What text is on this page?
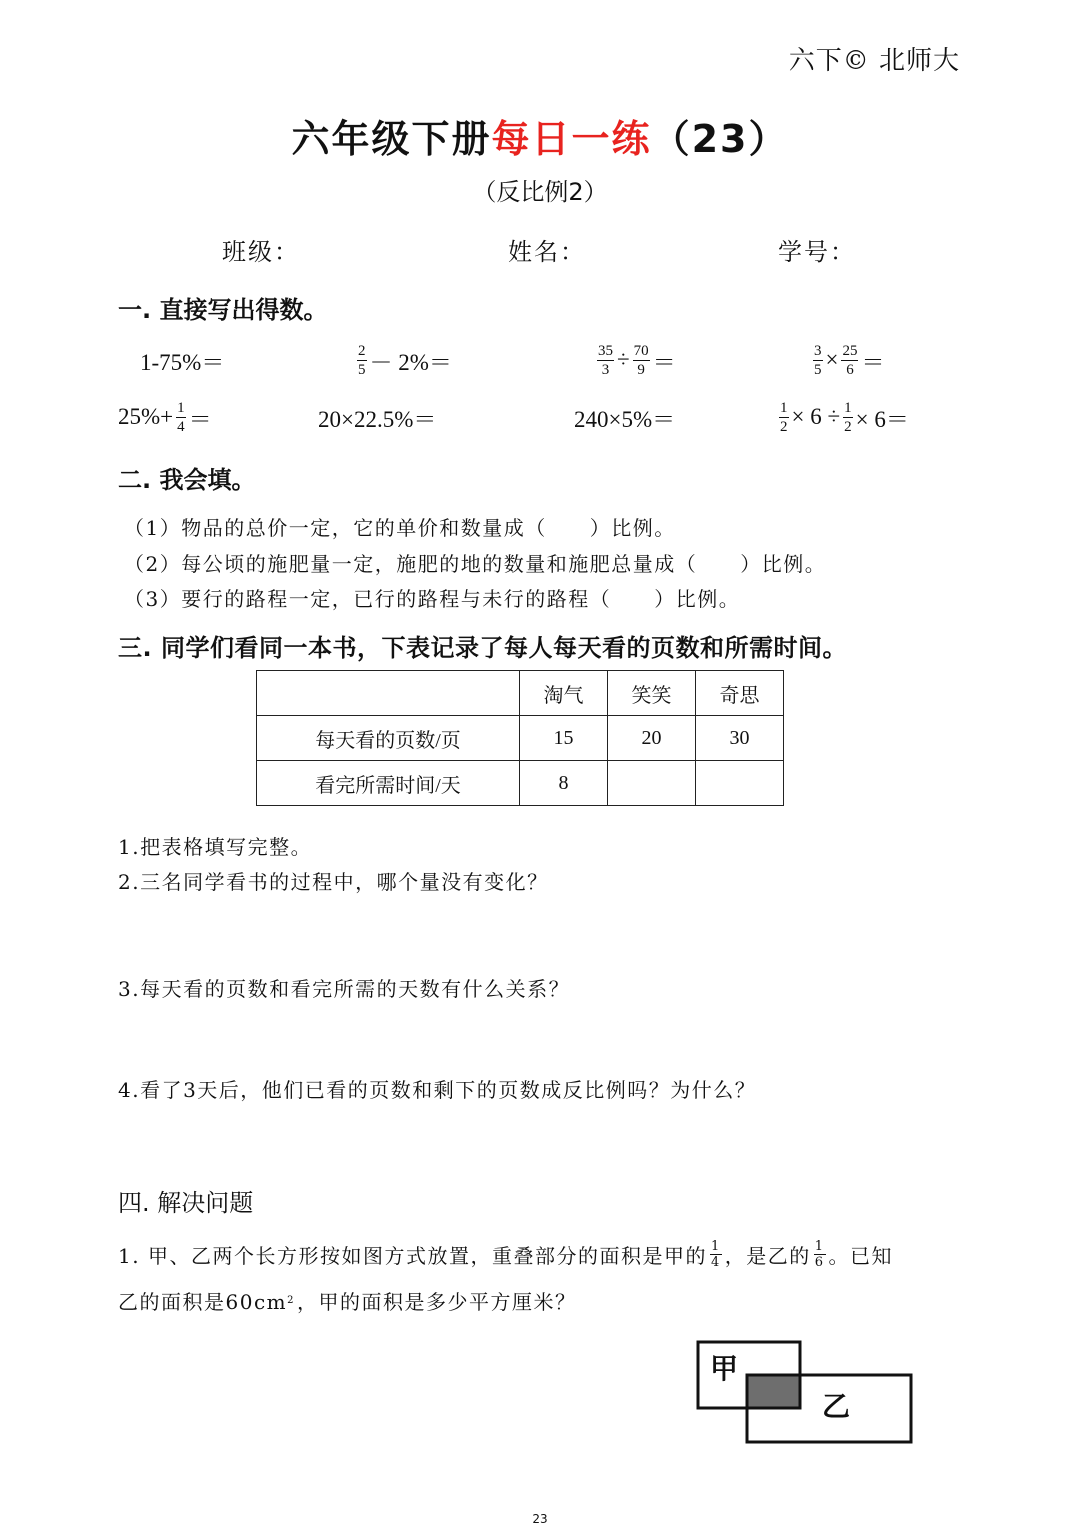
六下© 北师大
六年级下册每日一练（23）
（反比例2）
班级：	姓名：	学号：
一. 直接写出得数。
1-75%＝	$\frac{2}{5} - 2\%=$	$\frac{35}{3} \div \frac{70}{9}$ ＝	$\frac{3}{5} \times \frac{25}{6}$ ＝
$25\%+ \frac{1}{4}$ ＝	20×22.5%＝	240×5%＝	$\frac{1}{2} \times 6 \div \frac{1}{2} \times 6=$
二. 我会填。
（1）物品的总价一定，它的单价和数量成（　　）比例。
（2）每公顷的施肥量一定，施肥的地的数量和施肥总量成（　　）比例。
（3）要行的路程一定，已行的路程与未行的路程（　　）比例。
三. 同学们看同一本书，下表记录了每人每天看的页数和所需时间。
	淘气	笑笑	奇思
每天看的页数/页	15	20	30
看完所需时间/天	8		
1.把表格填写完整。
2.三名同学看书的过程中，哪个量没有变化？
3.每天看的页数和看完所需的天数有什么关系？
4.看了3天后，他们已看的页数和剩下的页数成反比例吗？为什么？
四. 解决问题
1. 甲、乙两个长方形按如图方式放置，重叠部分的面积是甲的 $\frac{1}{4}$ ，是乙的 $\frac{1}{6}$ 。已知
乙的面积是60cm 2 ，甲的面积是多少平方厘米？
甲
乙
23
